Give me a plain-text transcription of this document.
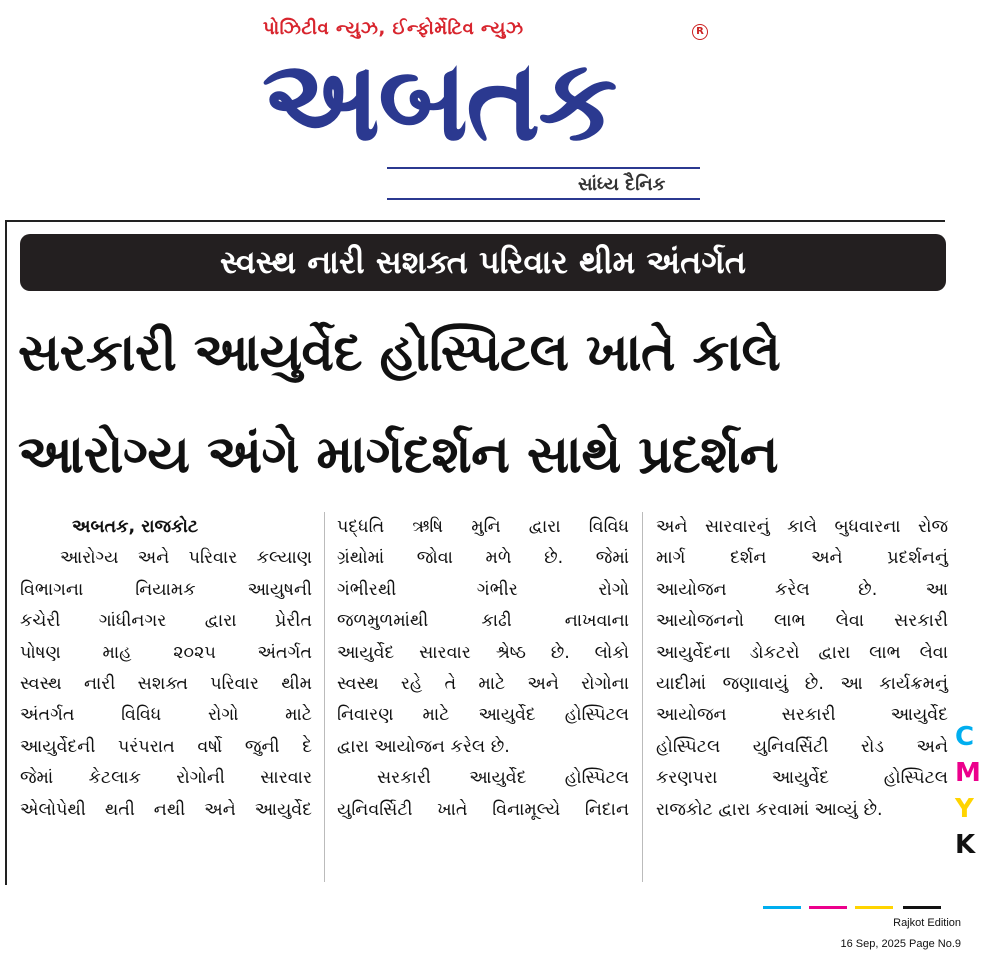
પોઝિટીવ ન્યુઝ, ઈન્ફોર્મેટિવ ન્યુઝ	R
અબતક
સાંધ્ય દૈનિક
સ્વસ્થ નારી સશક્ત પરિવાર થીમ અંતર્ગત
સરકારી આયુર્વેદ હોસ્પિટલ ખાતે કાલે
આરોગ્ય અંગે માર્ગદર્શન સાથે પ્રદર્શન
અબતક, રાજકોટ
આરોગ્ય અને પરિવાર કલ્યાણ
વિભાગના નિયામક આયુષની
કચેરી ગાંધીનગર દ્વારા પ્રેરીત
પોષણ માહ ૨૦૨૫ અંતર્ગત
સ્વસ્થ નારી સશક્ત પરિવાર થીમ
અંતર્ગત વિવિધ રોગો માટે
આયુર્વેદની પરંપરાત વર્ષો જુની દે
જેમાં કેટલાક રોગોની સારવાર
એલોપેથી થતી નથી અને આયુર્વેદ
પદ્ધતિ ઋષિ મુનિ દ્વારા વિવિધ
ગ્રંથોમાં જોવા મળે છે. જેમાં
ગંભીરથી ગંભીર રોગો
જળમુળમાંથી કાઢી નાખવાના
આયુર્વેદ સારવાર શ્રેષ્ઠ છે. લોકો
સ્વસ્થ રહે તે માટે અને રોગોના
નિવારણ માટે આયુર્વેદ હોસ્પિટલ
દ્વારા આયોજન કરેલ છે.
સરકારી આયુર્વેદ હોસ્પિટલ
યુનિવર્સિટી ખાતે વિનામૂલ્યે નિદાન
અને સારવારનું કાલે બુધવારના રોજ
માર્ગ દર્શન અને પ્રદર્શનનું
આયોજન કરેલ છે. આ
આયોજનનો લાભ લેવા સરકારી
આયુર્વેદના ડોકટરો દ્વારા લાભ લેવા
યાદીમાં જણાવાયું છે. આ કાર્યક્રમનું
આયોજન સરકારી આયુર્વેદ
હોસ્પિટલ યુનિવર્સિટી રોડ અને
કરણપરા આયુર્વેદ હોસ્પિટલ
રાજકોટ દ્વારા કરવામાં આવ્યું છે.
C
M
Y
K
Rajkot Edition
16 Sep, 2025 Page No.9
